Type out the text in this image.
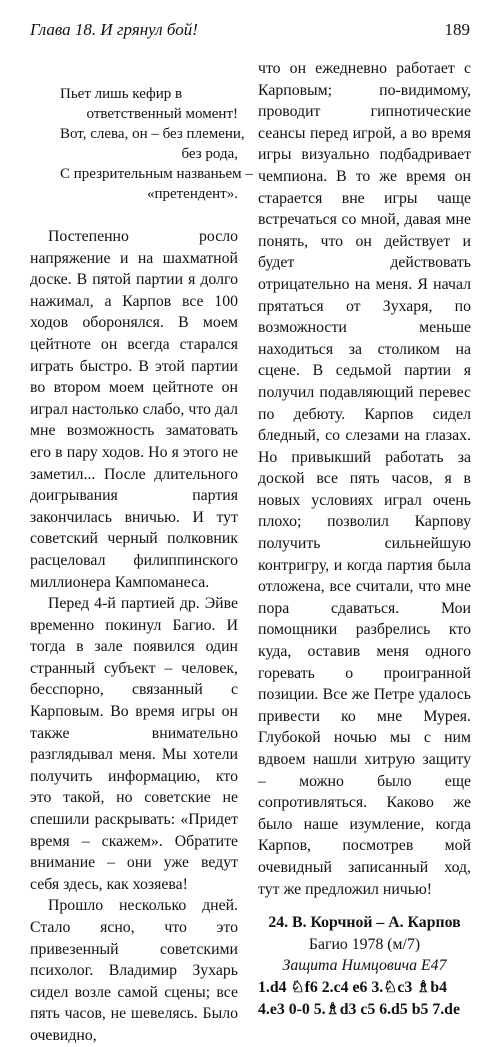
Глава 18. И грянул бой!	189
Пьет лишь кефир в
ответственный момент!
Вот, слева, он – без племени,
без рода,
С презрительным названьем –
«претендент».

Постепенно росло напряжение и на шахматной доске. В пятой партии я долго нажимал, а Карпов все 100 ходов оборонялся. В моем цейтноте он всегда старался играть быстро. В этой партии во втором моем цейтноте он играл настолько слабо, что дал мне возможность заматовать его в пару ходов. Но я этого не заметил... После длительного доигрывания партия закончилась вничью. И тут советский черный полковник расцеловал филиппинского миллионера Кампоманеса.

Перед 4-й партией др. Эйве временно покинул Багио. И тогда в зале появился один странный субъект – человек, бесспорно, связанный с Карповым. Во время игры он также внимательно разглядывал меня. Мы хотели получить информацию, кто это такой, но советские не спешили раскрывать: «Придет время – скажем». Обратите внимание – они уже ведут себя здесь, как хозяева!

Прошло несколько дней. Стало ясно, что это привезенный советскими психолог. Владимир Зухарь сидел возле самой сцены; все пять часов, не шевелясь. Было очевидно,

что он ежедневно работает с Карповым; по-видимому, проводит гипнотические сеансы перед игрой, а во время игры визуально подбадривает чемпиона. В то же время он старается вне игры чаще встречаться со мной, давая мне понять, что он действует и будет действовать отрицательно на меня. Я начал прятаться от Зухаря, по возможности меньше находиться за столиком на сцене. В седьмой партии я получил подавляющий перевес по дебюту. Карпов сидел бледный, со слезами на глазах. Но привыкший работать за доской все пять часов, я в новых условиях играл очень плохо; позволил Карпову получить сильнейшую контригру, и когда партия была отложена, все считали, что мне пора сдаваться. Мои помощники разбрелись кто куда, оставив меня одного горевать о проигранной позиции. Все же Петре удалось привести ко мне Мурея. Глубокой ночью мы с ним вдвоем нашли хитрую защиту – можно было еще сопротивляться. Каково же было наше изумление, когда Карпов, посмотрев мой очевидный записанный ход, тут же предложил ничью!

24. В. Корчной – А. Карпов
Багио 1978 (м/7)
Защита Нимцовича E47
1.d4 ♘f6 2.c4 e6 3.♘c3 ♗b4 4.e3 0-0 5.♗d3 c5 6.d5 b5 7.de
